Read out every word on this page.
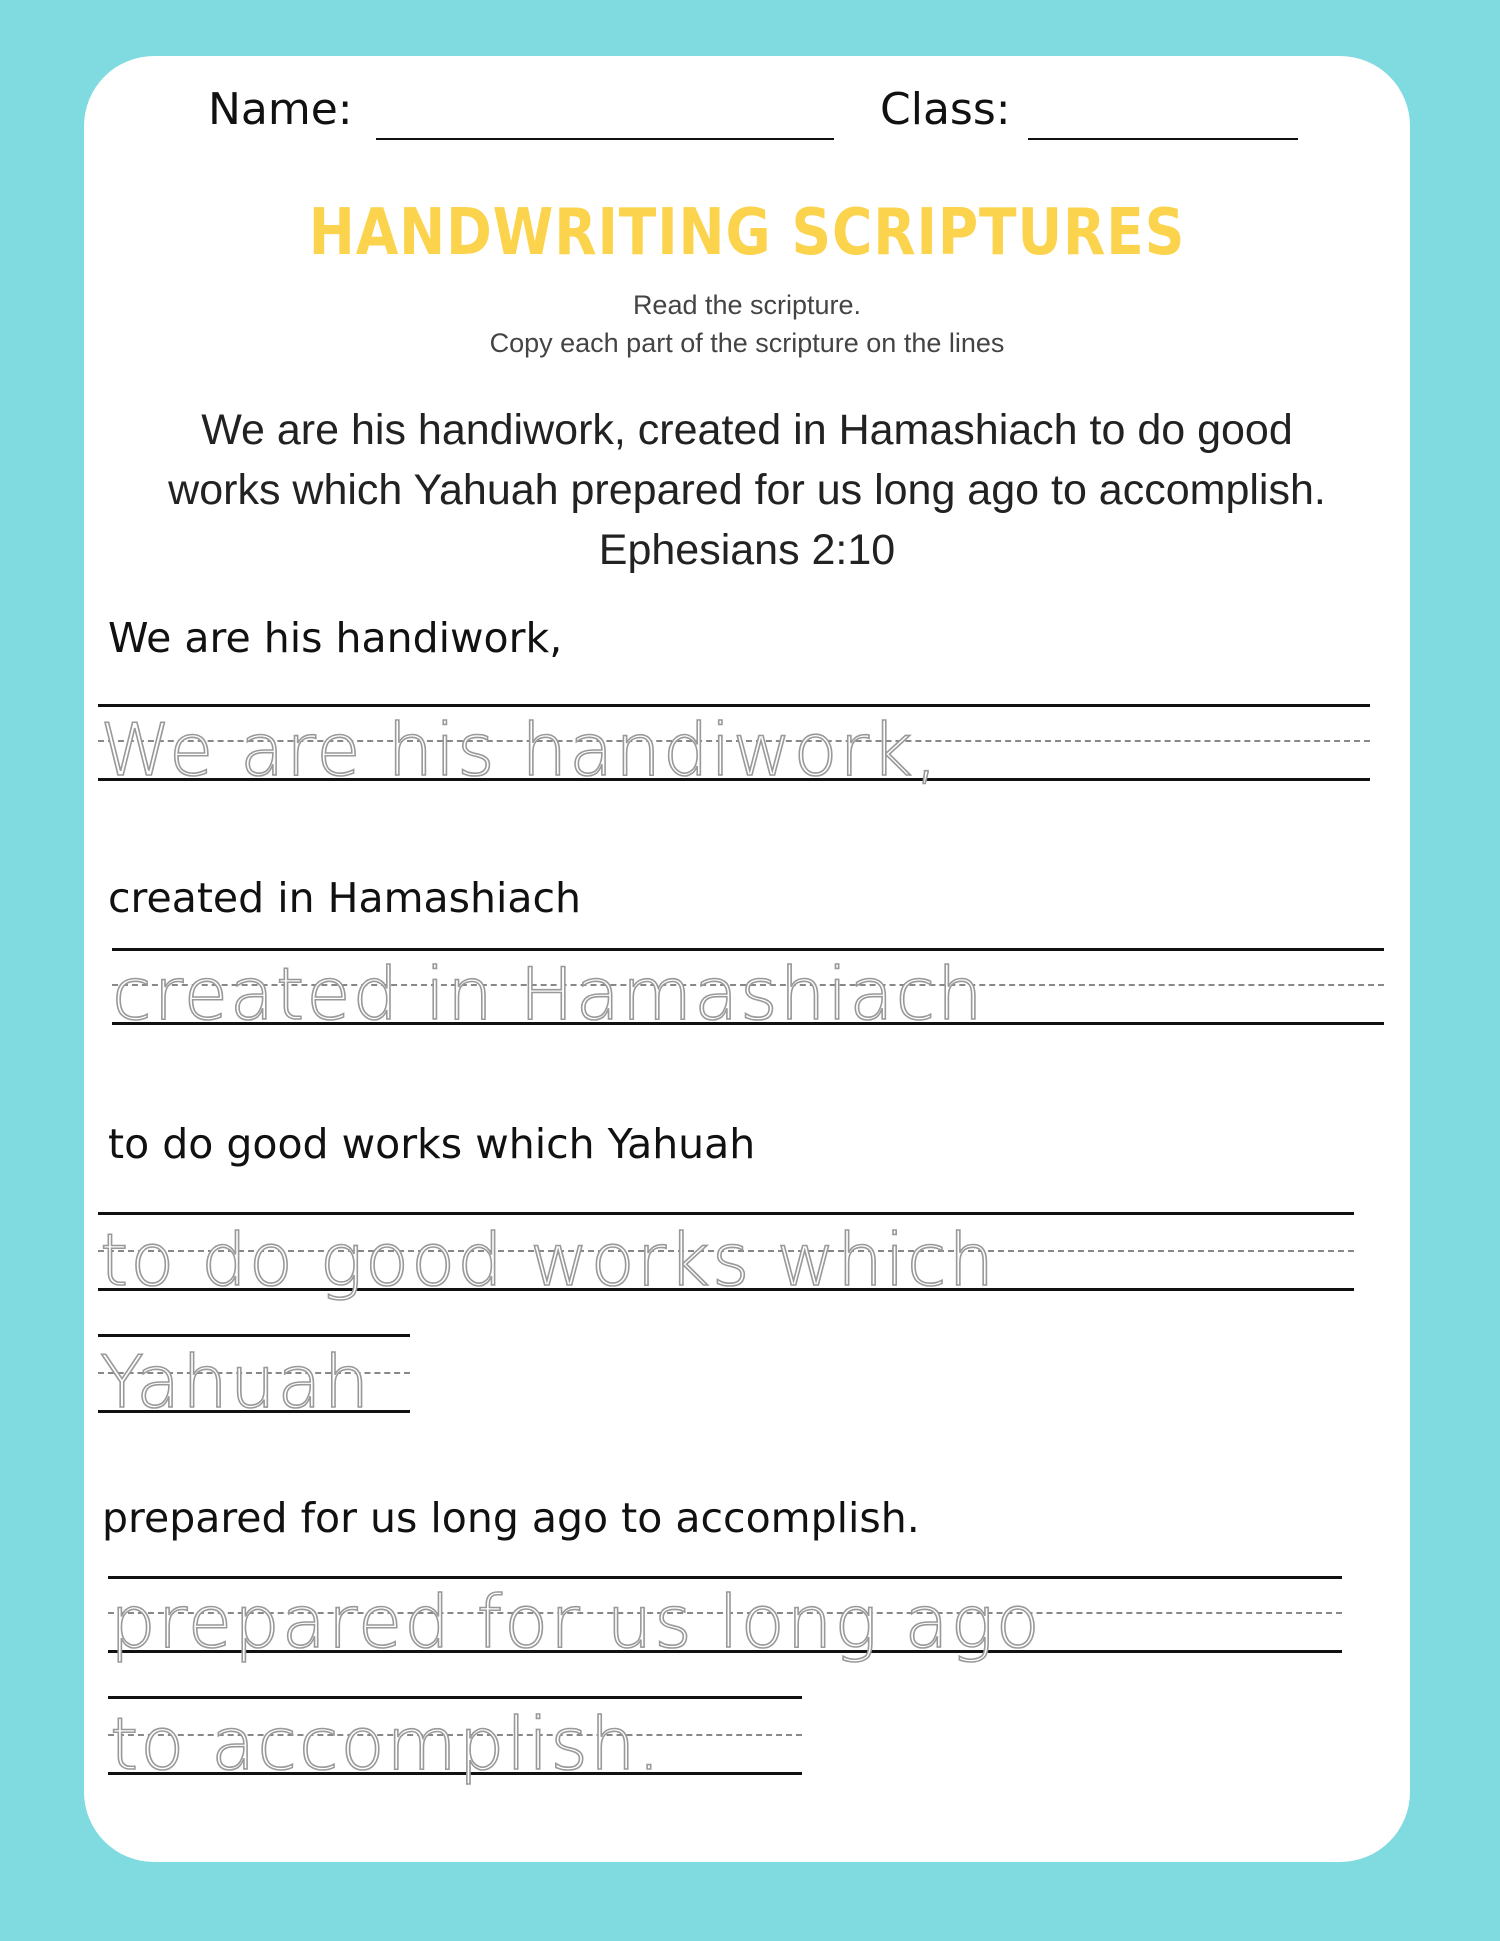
Name:	Class:
HANDWRITING SCRIPTURES
Read the scripture.
Copy each part of the scripture on the lines
We are his handiwork, created in Hamashiach to do good
works which Yahuah prepared for us long ago to accomplish.
Ephesians 2:10
We are his handiwork,
We are his handiwork,
created in Hamashiach
created in Hamashiach
to do good works which Yahuah
to do good works which
Yahuah
prepared for us long ago to accomplish.
prepared for us long ago
to accomplish.
